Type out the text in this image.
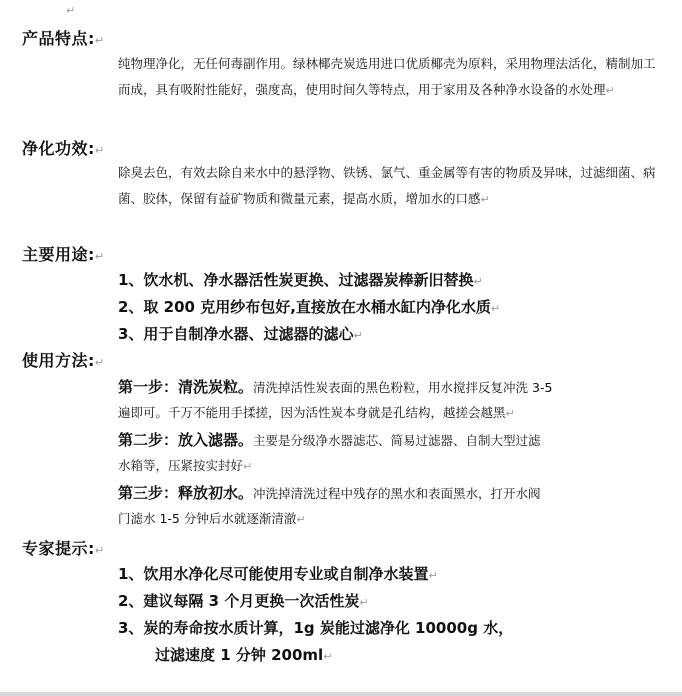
↵
产品特点:↵
纯物理净化，无任何毒副作用。绿林椰壳炭选用进口优质椰壳为原料，采用物理法活化，精制加工而成，具有吸附性能好，强度高，使用时间久等特点，用于家用及各种净水设备的水处理↵
净化功效:↵
除臭去色，有效去除自来水中的悬浮物、铁锈、氯气、重金属等有害的物质及异味，过滤细菌、病菌、胶体，保留有益矿物质和微量元素，提高水质，增加水的口感↵
主要用途:↵
1、饮水机、净水器活性炭更换、过滤器炭棒新旧替换↵
2、取 200 克用纱布包好,直接放在水桶水缸内净化水质↵
3、用于自制净水器、过滤器的滤心↵
使用方法:↵
第一步：清洗炭粒。清洗掉活性炭表面的黑色粉粒，用水搅拌反复冲洗 3-5
遍即可。千万不能用手揉搓，因为活性炭本身就是孔结构，越搓会越黑↵
第二步：放入滤器。主要是分级净水器滤芯、简易过滤器、自制大型过滤
水箱等，压紧按实封好↵
第三步：释放初水。冲洗掉清洗过程中残存的黑水和表面黑水，打开水阀
门滤水 1-5 分钟后水就逐渐清澈↵
专家提示:↵
1、饮用水净化尽可能使用专业或自制净水装置↵
2、建议每隔 3 个月更换一次活性炭↵
3、炭的寿命按水质计算，1g 炭能过滤净化 10000g 水，
过滤速度 1 分钟 200ml↵
